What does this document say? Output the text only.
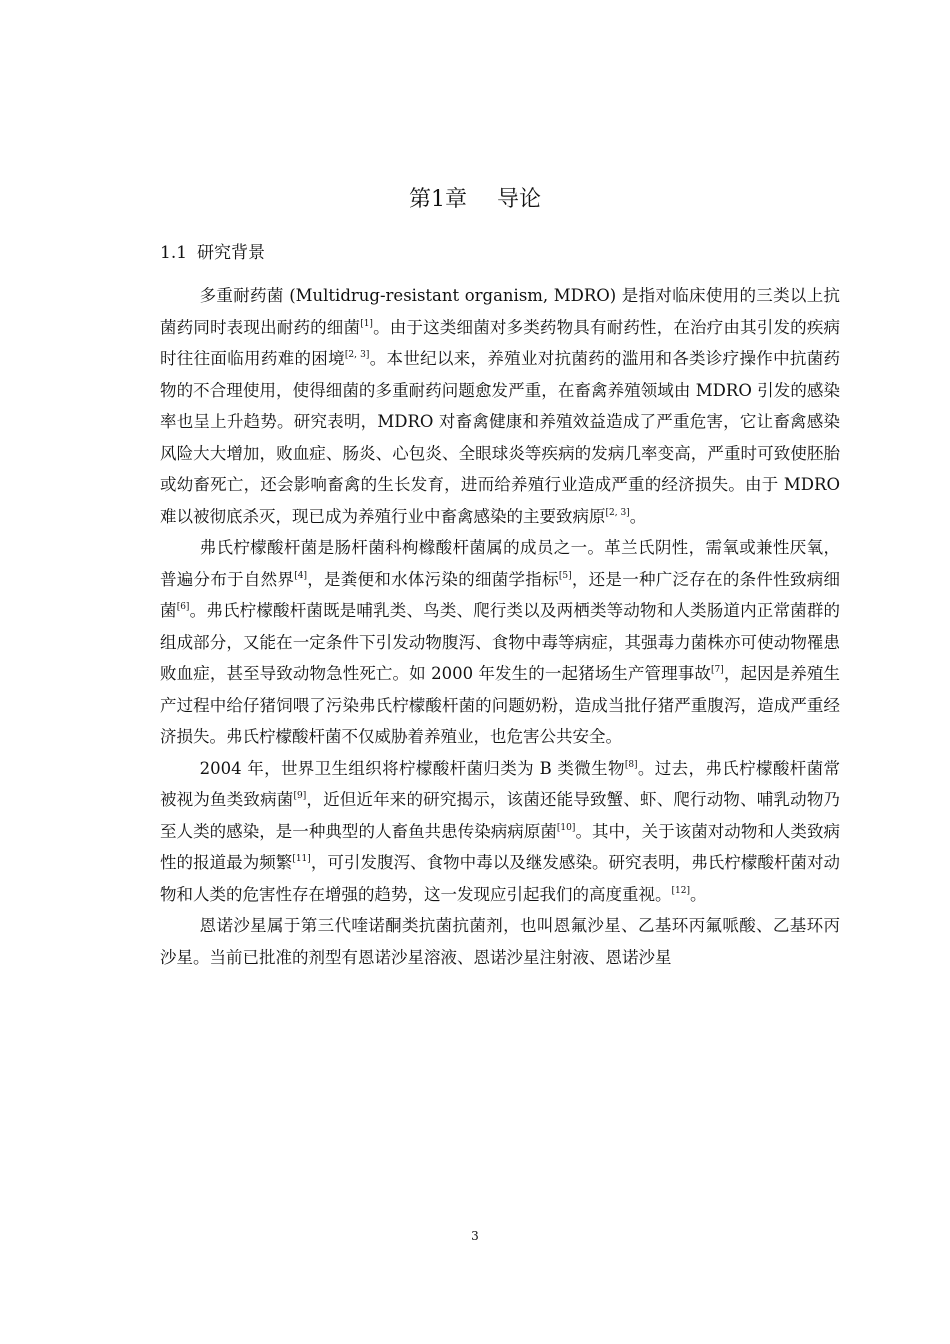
第1章 导论
1.1 研究背景

多重耐药菌 (Multidrug-resistant organism, MDRO) 是指对临床使用的三类以上抗菌药同时表现出耐药的细菌[1]。由于这类细菌对多类药物具有耐药性，在治疗由其引发的疾病时往往面临用药难的困境[2, 3]。本世纪以来，养殖业对抗菌药的滥用和各类诊疗操作中抗菌药物的不合理使用，使得细菌的多重耐药问题愈发严重，在畜禽养殖领域由 MDRO 引发的感染率也呈上升趋势。研究表明，MDRO 对畜禽健康和养殖效益造成了严重危害，它让畜禽感染风险大大增加，败血症、肠炎、心包炎、全眼球炎等疾病的发病几率变高，严重时可致使胚胎或幼畜死亡，还会影响畜禽的生长发育，进而给养殖行业造成严重的经济损失。由于 MDRO 难以被彻底杀灭，现已成为养殖行业中畜禽感染的主要致病原[2, 3]。

弗氏柠檬酸杆菌是肠杆菌科枸橼酸杆菌属的成员之一。革兰氏阴性，需氧或兼性厌氧，普遍分布于自然界[4]，是粪便和水体污染的细菌学指标[5]，还是一种广泛存在的条件性致病细菌[6]。弗氏柠檬酸杆菌既是哺乳类、鸟类、爬行类以及两栖类等动物和人类肠道内正常菌群的组成部分，又能在一定条件下引发动物腹泻、食物中毒等病症，其强毒力菌株亦可使动物罹患败血症，甚至导致动物急性死亡。如 2000 年发生的一起猪场生产管理事故[7]，起因是养殖生产过程中给仔猪饲喂了污染弗氏柠檬酸杆菌的问题奶粉，造成当批仔猪严重腹泻，造成严重经济损失。弗氏柠檬酸杆菌不仅威胁着养殖业，也危害公共安全。

2004 年，世界卫生组织将柠檬酸杆菌归类为 B 类微生物[8]。过去，弗氏柠檬酸杆菌常被视为鱼类致病菌[9]，近但近年来的研究揭示，该菌还能导致蟹、虾、爬行动物、哺乳动物乃至人类的感染，是一种典型的人畜鱼共患传染病病原菌[10]。其中，关于该菌对动物和人类致病性的报道最为频繁[11]，可引发腹泻、食物中毒以及继发感染。研究表明，弗氏柠檬酸杆菌对动物和人类的危害性存在增强的趋势，这一发现应引起我们的高度重视。[12]。

恩诺沙星属于第三代喹诺酮类抗菌抗菌剂，也叫恩氟沙星、乙基环丙氟哌酸、乙基环丙沙星。当前已批准的剂型有恩诺沙星溶液、恩诺沙星注射液、恩诺沙星

3
